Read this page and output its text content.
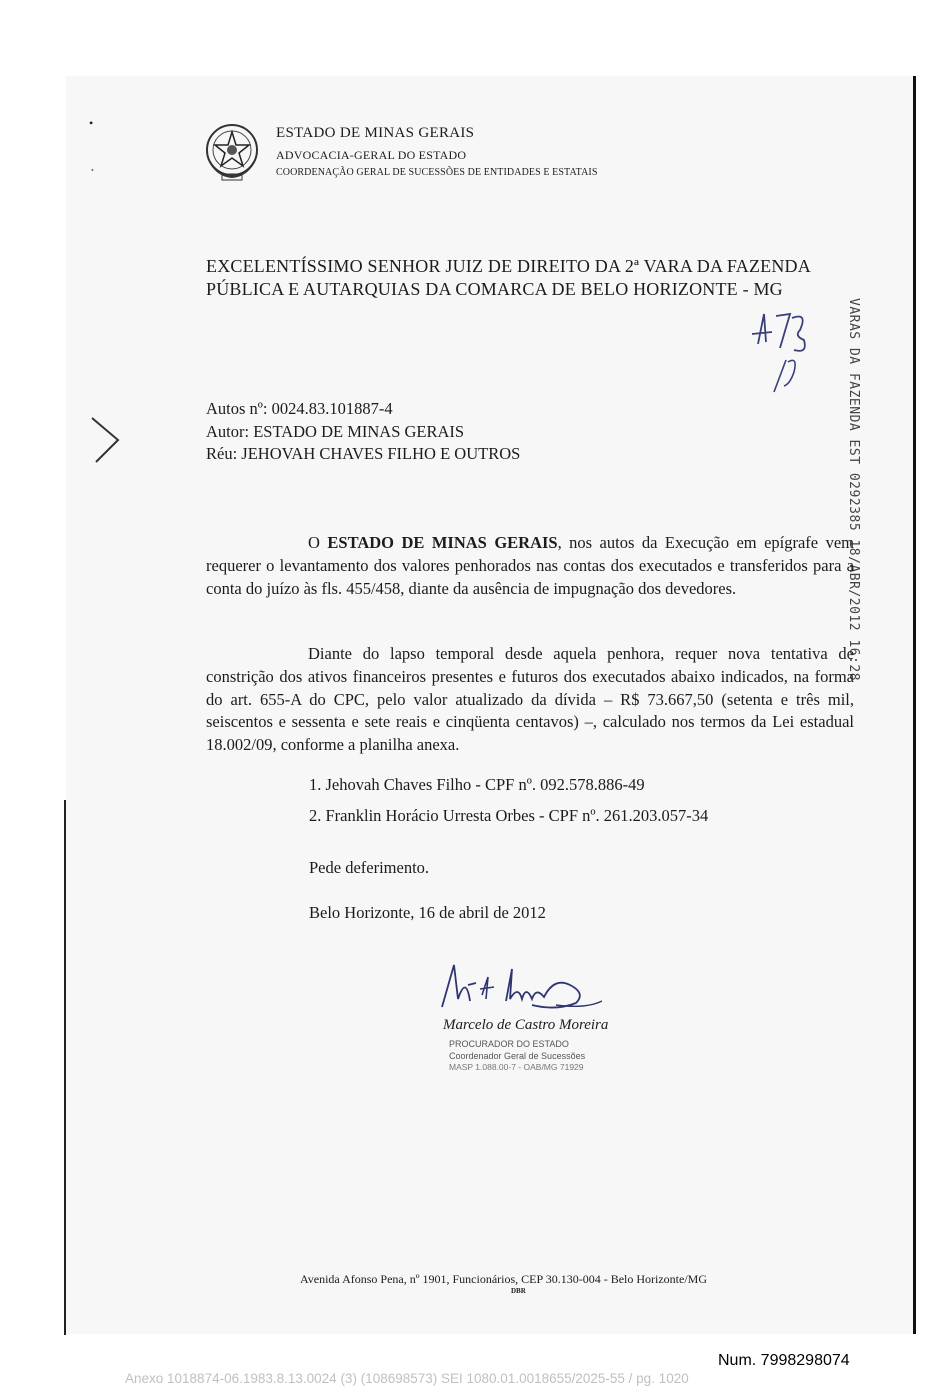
•
•
ESTADO DE MINAS GERAIS
ADVOCACIA-GERAL DO ESTADO
COORDENAÇÃO GERAL DE SUCESSÕES DE ENTIDADES E ESTATAIS
EXCELENTÍSSIMO SENHOR JUIZ DE DIREITO DA 2ª VARA DA FAZENDA
PÚBLICA E AUTARQUIAS DA COMARCA DE BELO HORIZONTE - MG
VARAS DA FAZENDA EST 0292385 18/ABR/2012 16:28
Autos nº: 0024.83.101887-4
Autor: ESTADO DE MINAS GERAIS
Réu: JEHOVAH CHAVES FILHO E OUTROS
O ESTADO DE MINAS GERAIS, nos autos da Execução em epígrafe vem requerer o levantamento dos valores penhorados nas contas dos executados e transferidos para a conta do juízo às fls. 455/458, diante da ausência de impugnação dos devedores.
Diante do lapso temporal desde aquela penhora, requer nova tentativa de constrição dos ativos financeiros presentes e futuros dos executados abaixo indicados, na forma do art. 655-A do CPC, pelo valor atualizado da dívida – R$ 73.667,50 (setenta e três mil, seiscentos e sessenta e sete reais e cinqüenta centavos) –, calculado nos termos da Lei estadual 18.002/09, conforme a planilha anexa.
1. Jehovah Chaves Filho - CPF nº. 092.578.886-49
2. Franklin Horácio Urresta Orbes - CPF nº. 261.203.057-34
Pede deferimento.
Belo Horizonte, 16 de abril de 2012
Marcelo de Castro Moreira
PROCURADOR DO ESTADO
Coordenador Geral de Sucessões
MASP 1.088.00-7 - OAB/MG 71929
Avenida Afonso Pena, nº 1901, Funcionários, CEP 30.130-004 - Belo Horizonte/MG
DBR
Num. 7998298074
Anexo 1018874-06.1983.8.13.0024 (3) (108698573) SEI 1080.01.0018655/2025-55 / pg. 1020
